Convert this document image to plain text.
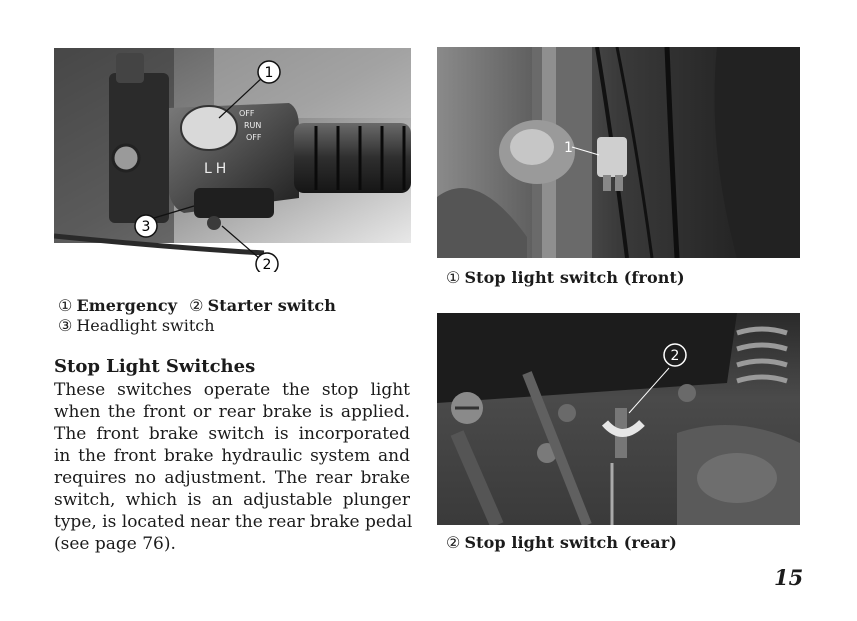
OFF
RUN
OFF
LH
1
3
2
① Emergency ② Starter switch
③ Headlight switch
Stop Light Switches
These switches operate the stop light
when the front or rear brake is applied.
The front brake switch is incorporated
in the front brake hydraulic system and
requires no adjustment. The rear brake
switch, which is an adjustable plunger
type, is located near the rear brake pedal
(see page 76).
1
① Stop light switch (front)
2
② Stop light switch (rear)
15
